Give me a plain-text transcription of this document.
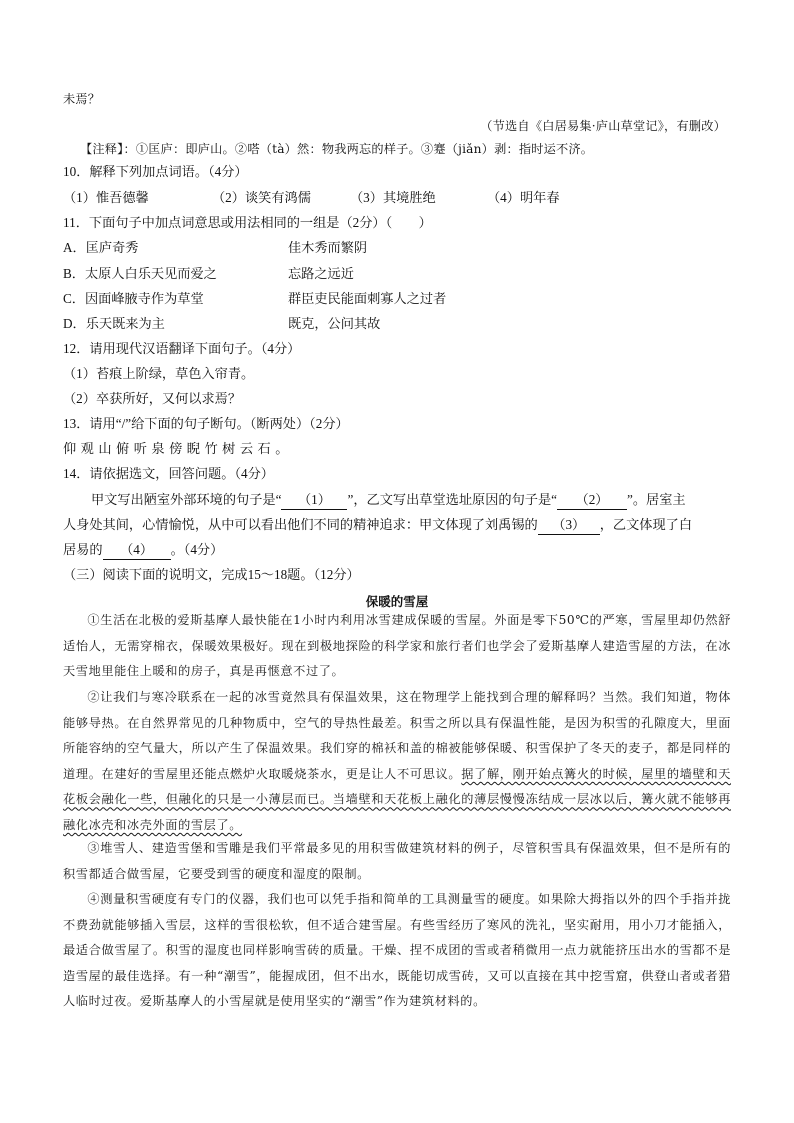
未焉？
（节选自《白居易集·庐山草堂记》，有删改）
【注释】：①匡庐：即庐山。②嗒（tà）然：物我两忘的样子。③蹇（jiǎn）剥：指时运不济。
10．解释下列加点词语。（4分）
（1）惟吾德馨	（2）谈笑有鸿儒	（3）其境胜绝	（4）明年春
11．下面句子中加点词意思或用法相同的一组是（2分）（　　）
A．匡庐奇秀	佳木秀而繁阴
B．太原人白乐天见而爱之	忘路之远近
C．因面峰腋寺作为草堂	群臣吏民能面刺寡人之过者
D．乐天既来为主	既克，公问其故
12．请用现代汉语翻译下面句子。（4分）
（1）苔痕上阶绿，草色入帘青。
（2）卒获所好，又何以求焉？
13．请用“/”给下面的句子断句。（断两处）（2分）
仰观山俯听泉傍睨竹树云石。
14．请依据选文，回答问题。（4分）
甲文写出陋室外部环境的句子是“ （1） ”，乙文写出草堂选址原因的句子是“ （2） ”。居室主
人身处其间，心情愉悦，从中可以看出他们不同的精神追求：甲文体现了刘禹锡的 （3） ，乙文体现了白
居易的 （4） 。（4分）
（三）阅读下面的说明文，完成15～18题。（12分）
保暖的雪屋
①生活在北极的爱斯基摩人最快能在1小时内利用冰雪建成保暖的雪屋。外面是零下50℃的严寒，雪屋里却仍然舒适怡人，无需穿棉衣，保暖效果极好。现在到极地探险的科学家和旅行者们也学会了爱斯基摩人建造雪屋的方法，在冰天雪地里能住上暖和的房子，真是再惬意不过了。
②让我们与寒冷联系在一起的冰雪竟然具有保温效果，这在物理学上能找到合理的解释吗？当然。我们知道，物体能够导热。在自然界常见的几种物质中，空气的导热性最差。积雪之所以具有保温性能，是因为积雪的孔隙度大，里面所能容纳的空气量大，所以产生了保温效果。我们穿的棉袄和盖的棉被能够保暖、积雪保护了冬天的麦子，都是同样的道理。在建好的雪屋里还能点燃炉火取暖烧茶水，更是让人不可思议。据了解，刚开始点篝火的时候，屋里的墙壁和天花板会融化一些，但融化的只是一小薄层而已。当墙壁和天花板上融化的薄层慢慢冻结成一层冰以后，篝火就不能够再融化冰壳和冰壳外面的雪层了。
③堆雪人、建造雪堡和雪雕是我们平常最多见的用积雪做建筑材料的例子，尽管积雪具有保温效果，但不是所有的积雪都适合做雪屋，它要受到雪的硬度和湿度的限制。
④测量积雪硬度有专门的仪器，我们也可以凭手指和简单的工具测量雪的硬度。如果除大拇指以外的四个手指并拢不费劲就能够插入雪层，这样的雪很松软，但不适合建雪屋。有些雪经历了寒风的洗礼，坚实耐用，用小刀才能插入，最适合做雪屋了。积雪的湿度也同样影响雪砖的质量。干燥、捏不成团的雪或者稍微用一点力就能挤压出水的雪都不是造雪屋的最佳选择。有一种“潮雪”，能握成团，但不出水，既能切成雪砖，又可以直接在其中挖雪窟，供登山者或者猎人临时过夜。爱斯基摩人的小雪屋就是使用坚实的“潮雪”作为建筑材料的。
